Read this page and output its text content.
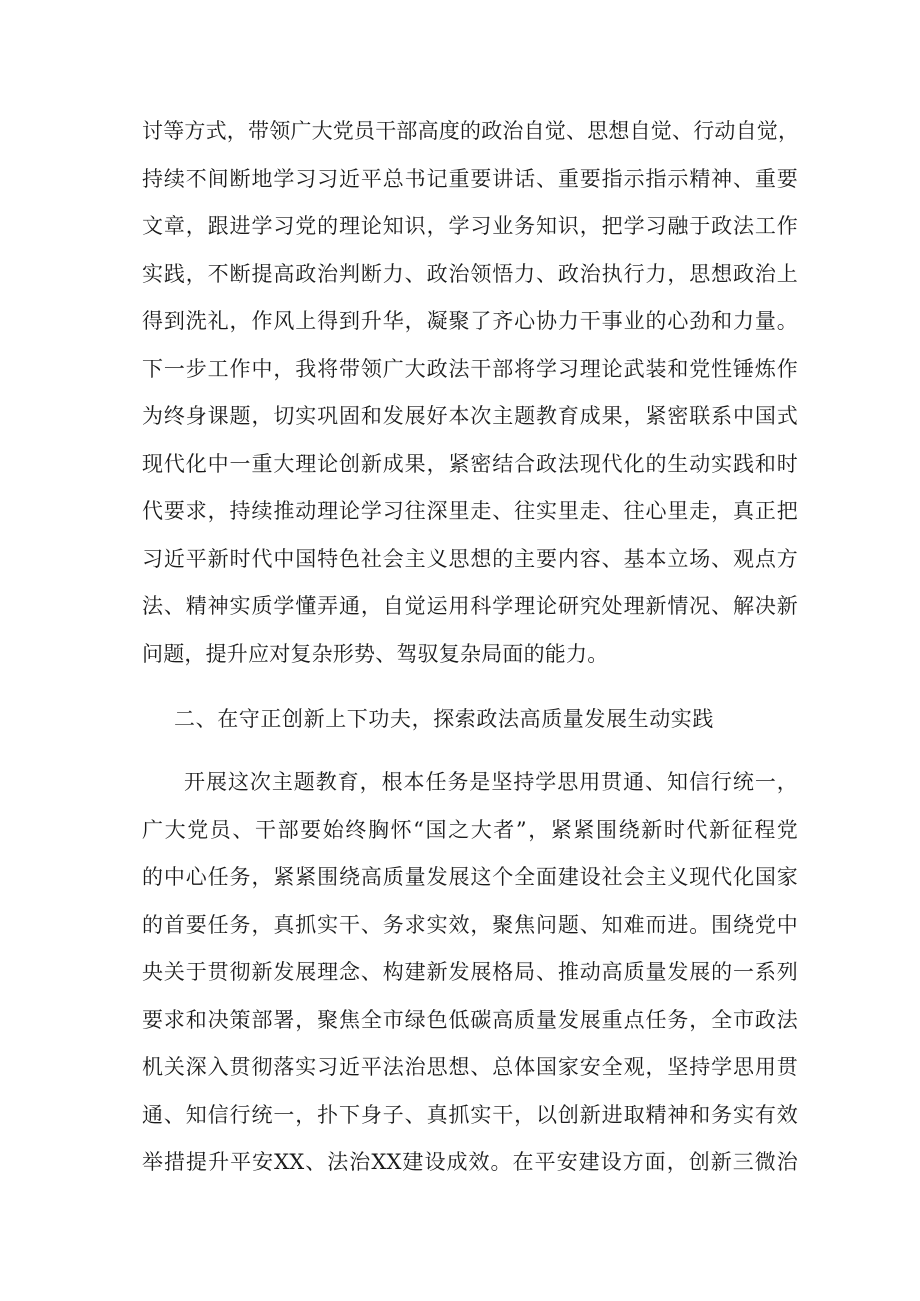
讨等方式，带领广大党员干部高度的政治自觉、思想自觉、行动自觉，
持续不间断地学习习近平总书记重要讲话、重要指示指示精神、重要
文章，跟进学习党的理论知识，学习业务知识，把学习融于政法工作
实践，不断提高政治判断力、政治领悟力、政治执行力，思想政治上
得到洗礼，作风上得到升华，凝聚了齐心协力干事业的心劲和力量。
下一步工作中，我将带领广大政法干部将学习理论武装和党性锤炼作
为终身课题，切实巩固和发展好本次主题教育成果，紧密联系中国式
现代化中一重大理论创新成果，紧密结合政法现代化的生动实践和时
代要求，持续推动理论学习往深里走、往实里走、往心里走，真正把
习近平新时代中国特色社会主义思想的主要内容、基本立场、观点方
法、精神实质学懂弄通，自觉运用科学理论研究处理新情况、解决新
问题，提升应对复杂形势、驾驭复杂局面的能力。
二、在守正创新上下功夫，探索政法高质量发展生动实践
开展这次主题教育，根本任务是坚持学思用贯通、知信行统一，
广大党员、干部要始终胸怀“国之大者”，紧紧围绕新时代新征程党
的中心任务，紧紧围绕高质量发展这个全面建设社会主义现代化国家
的首要任务，真抓实干、务求实效，聚焦问题、知难而进。围绕党中
央关于贯彻新发展理念、构建新发展格局、推动高质量发展的一系列
要求和决策部署，聚焦全市绿色低碳高质量发展重点任务，全市政法
机关深入贯彻落实习近平法治思想、总体国家安全观，坚持学思用贯
通、知信行统一，扑下身子、真抓实干，以创新进取精神和务实有效
举措提升平安XX、法治XX建设成效。在平安建设方面，创新三微治
